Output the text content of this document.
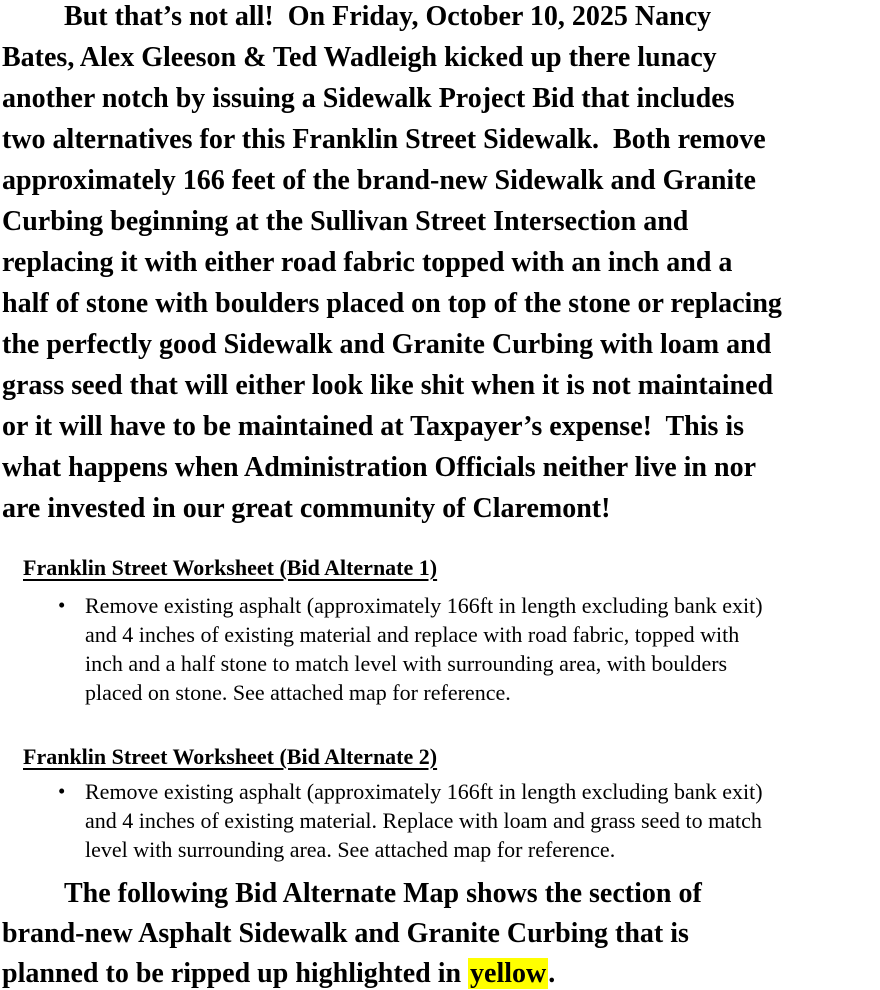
But that’s not all!  On Friday, October 10, 2025 Nancy
Bates, Alex Gleeson & Ted Wadleigh kicked up there lunacy
another notch by issuing a Sidewalk Project Bid that includes
two alternatives for this Franklin Street Sidewalk.  Both remove
approximately 166 feet of the brand-new Sidewalk and Granite
Curbing beginning at the Sullivan Street Intersection and
replacing it with either road fabric topped with an inch and a
half of stone with boulders placed on top of the stone or replacing
the perfectly good Sidewalk and Granite Curbing with loam and
grass seed that will either look like shit when it is not maintained
or it will have to be maintained at Taxpayer’s expense!  This is
what happens when Administration Officials neither live in nor
are invested in our great community of Claremont!
Franklin Street Worksheet (Bid Alternate 1)
• Remove existing asphalt (approximately 166ft in length excluding bank exit)
and 4 inches of existing material and replace with road fabric, topped with
inch and a half stone to match level with surrounding area, with boulders
placed on stone. See attached map for reference.
Franklin Street Worksheet (Bid Alternate 2)
• Remove existing asphalt (approximately 166ft in length excluding bank exit)
and 4 inches of existing material. Replace with loam and grass seed to match
level with surrounding area. See attached map for reference.
The following Bid Alternate Map shows the section of
brand-new Asphalt Sidewalk and Granite Curbing that is
planned to be ripped up highlighted in yellow.
